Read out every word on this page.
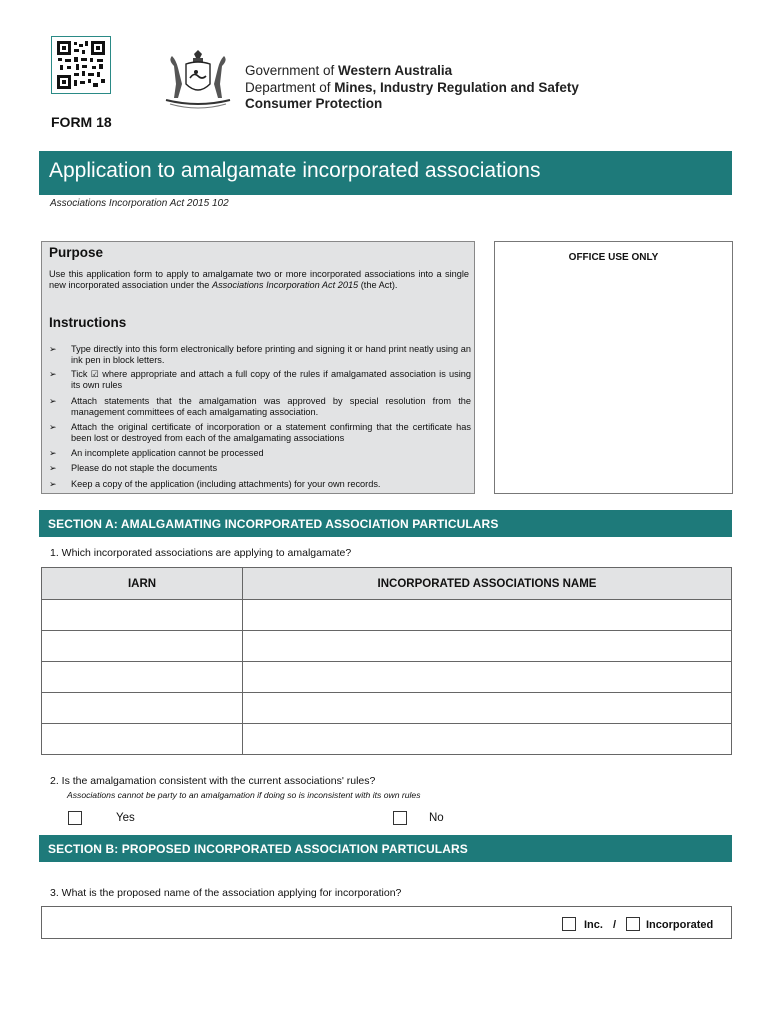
Government of Western Australia
Department of Mines, Industry Regulation and Safety
Consumer Protection
FORM 18
Application to amalgamate incorporated associations
Associations Incorporation Act 2015 102
Purpose
Use this application form to apply to amalgamate two or more incorporated associations into a single new incorporated association under the Associations Incorporation Act 2015 (the Act).
Instructions
➢ Type directly into this form electronically before printing and signing it or hand print neatly using an ink pen in block letters.
➢ Tick ☑ where appropriate and attach a full copy of the rules if amalgamated association is using its own rules
➢ Attach statements that the amalgamation was approved by special resolution from the management committees of each amalgamating association.
➢ Attach the original certificate of incorporation or a statement confirming that the certificate has been lost or destroyed from each of the amalgamating associations
➢ An incomplete application cannot be processed
➢ Please do not staple the documents
➢ Keep a copy of the application (including attachments) for your own records.
OFFICE USE ONLY
SECTION A: AMALGAMATING INCORPORATED ASSOCIATION PARTICULARS
1. Which incorporated associations are applying to amalgamate?
IARN	INCORPORATED ASSOCIATIONS NAME

2. Is the amalgamation consistent with the current associations' rules?
Associations cannot be party to an amalgamation if doing so is inconsistent with its own rules
Yes	No
SECTION B: PROPOSED INCORPORATED ASSOCIATION PARTICULARS
3. What is the proposed name of the association applying for incorporation?
Inc. /	Incorporated
